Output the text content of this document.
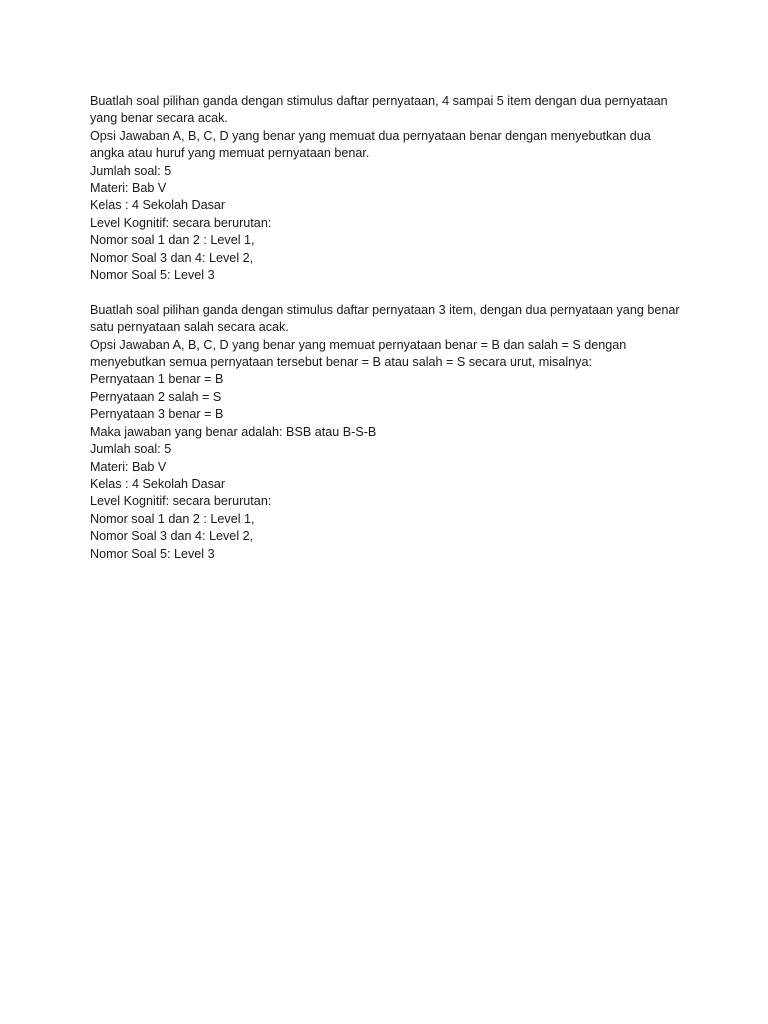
Buatlah soal pilihan ganda dengan stimulus daftar pernyataan, 4 sampai 5 item dengan dua pernyataan yang benar secara acak.
Opsi Jawaban A, B, C, D yang benar yang memuat dua pernyataan benar dengan menyebutkan dua angka atau huruf yang memuat pernyataan benar.
Jumlah soal: 5
Materi: Bab V
Kelas : 4 Sekolah Dasar
Level Kognitif: secara berurutan:
Nomor soal 1 dan 2 : Level 1,
Nomor Soal 3 dan 4: Level 2,
Nomor Soal 5: Level 3
Buatlah soal pilihan ganda dengan stimulus daftar pernyataan 3 item, dengan dua pernyataan yang benar satu pernyataan salah secara acak.
Opsi Jawaban A, B, C, D yang benar yang memuat pernyataan benar = B dan salah = S dengan menyebutkan semua pernyataan tersebut benar = B atau salah = S secara urut, misalnya:
Pernyataan 1 benar = B
Pernyataan 2 salah = S
Pernyataan 3 benar = B
Maka jawaban yang benar adalah: BSB atau B-S-B
Jumlah soal: 5
Materi: Bab V
Kelas : 4 Sekolah Dasar
Level Kognitif: secara berurutan:
Nomor soal 1 dan 2 : Level 1,
Nomor Soal 3 dan 4: Level 2,
Nomor Soal 5: Level 3
